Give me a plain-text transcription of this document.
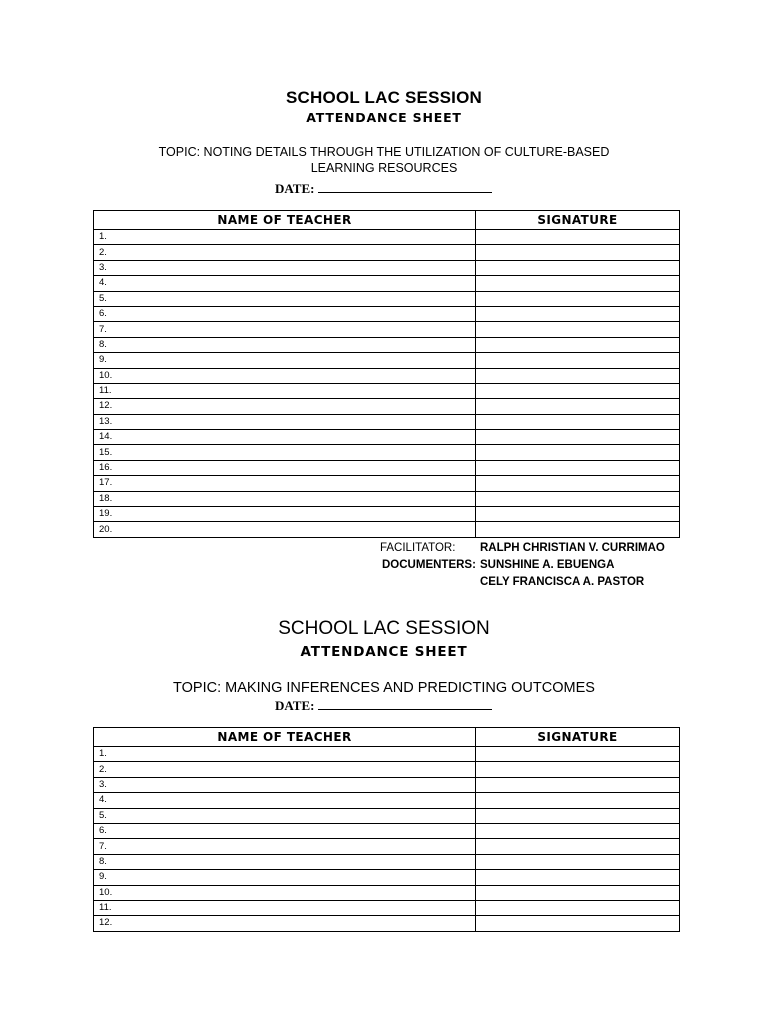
SCHOOL LAC SESSION
ATTENDANCE SHEET
TOPIC: NOTING DETAILS THROUGH THE UTILIZATION OF CULTURE-BASED
LEARNING RESOURCES
DATE:
NAME OF TEACHER	SIGNATURE
1.	
2.	
3.	
4.	
5.	
6.	
7.	
8.	
9.	
10.	
11.	
12.	
13.	
14.	
15.	
16.	
17.	
18.	
19.	
20.	
FACILITATOR: RALPH CHRISTIAN V. CURRIMAO
DOCUMENTERS: SUNSHINE A. EBUENGA
CELY FRANCISCA A. PASTOR
SCHOOL LAC SESSION
ATTENDANCE SHEET
TOPIC: MAKING INFERENCES AND PREDICTING OUTCOMES
DATE:
NAME OF TEACHER	SIGNATURE
1.	
2.	
3.	
4.	
5.	
6.	
7.	
8.	
9.	
10.	
11.	
12.	
